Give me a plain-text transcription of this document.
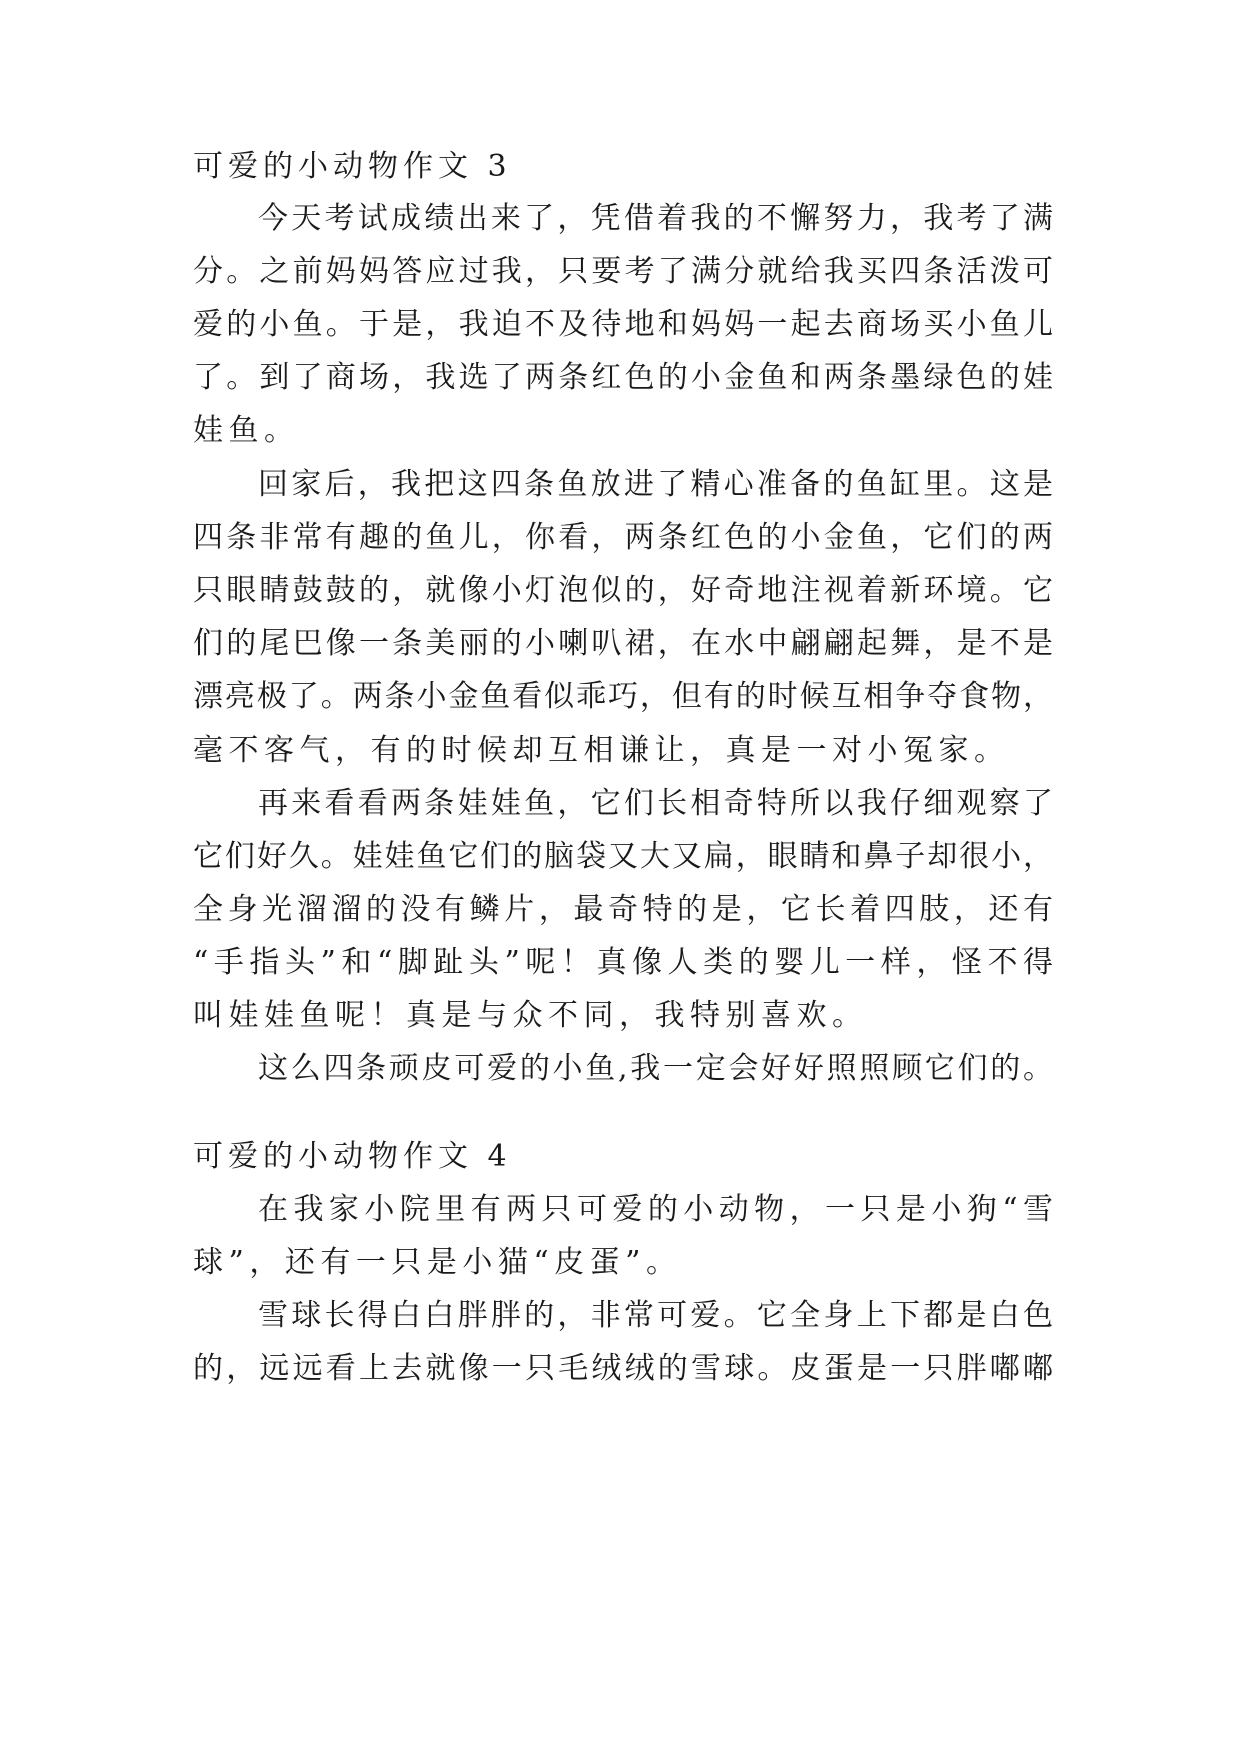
可爱的小动物作文 3
今天考试成绩出来了，凭借着我的不懈努力，我考了满
分。之前妈妈答应过我，只要考了满分就给我买四条活泼可
爱的小鱼。于是，我迫不及待地和妈妈一起去商场买小鱼儿
了。到了商场，我选了两条红色的小金鱼和两条墨绿色的娃
娃鱼。
回家后，我把这四条鱼放进了精心准备的鱼缸里。这是
四条非常有趣的鱼儿，你看，两条红色的小金鱼，它们的两
只眼睛鼓鼓的，就像小灯泡似的，好奇地注视着新环境。它
们的尾巴像一条美丽的小喇叭裙，在水中翩翩起舞，是不是
漂亮极了。两条小金鱼看似乖巧，但有的时候互相争夺食物，
毫不客气，有的时候却互相谦让，真是一对小冤家。
再来看看两条娃娃鱼，它们长相奇特所以我仔细观察了
它们好久。娃娃鱼它们的脑袋又大又扁，眼睛和鼻子却很小，
全身光溜溜的没有鳞片，最奇特的是，它长着四肢，还有
“手指头”和“脚趾头”呢！真像人类的婴儿一样，怪不得
叫娃娃鱼呢！真是与众不同，我特别喜欢。
这么四条顽皮可爱的小鱼,我一定会好好照照顾它们的。
可爱的小动物作文 4
在我家小院里有两只可爱的小动物，一只是小狗“雪
球”，还有一只是小猫“皮蛋”。
雪球长得白白胖胖的，非常可爱。它全身上下都是白色
的，远远看上去就像一只毛绒绒的雪球。皮蛋是一只胖嘟嘟
